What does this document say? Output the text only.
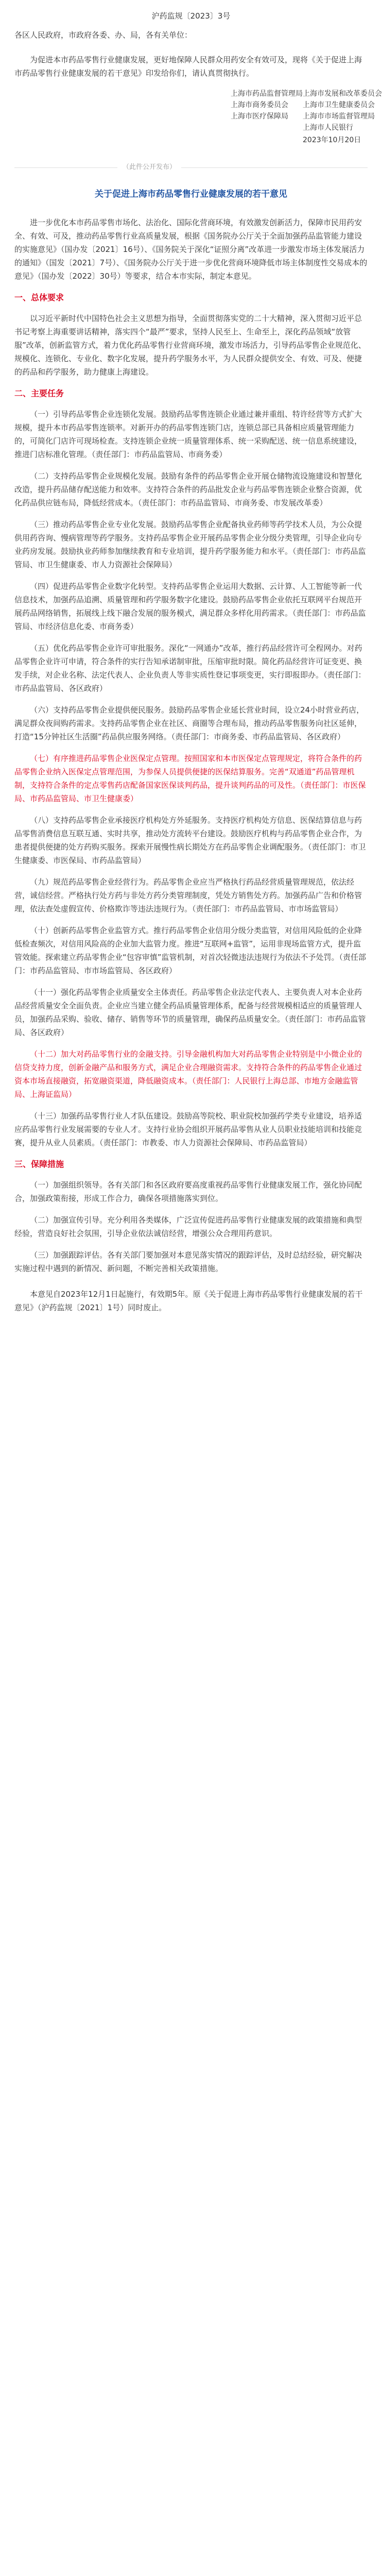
沪药监规〔2023〕3号
各区人民政府，市政府各委、办、局，各有关单位：

为促进本市药品零售行业健康发展，更好地保障人民群众用药安全有效可及，现将《关于促进上海市药品零售行业健康发展的若干意见》印发给你们，请认真贯彻执行。

上海市药品监督管理局 上海市发展和改革委员会
上海市商务委员会 上海市卫生健康委员会
上海市医疗保障局 上海市市场监督管理局
上海市人民银行
2023年10月20日
（此件公开发布）
关于促进上海市药品零售行业健康发展的若干意见

进一步优化本市药品零售市场化、法治化、国际化营商环境，有效激发创新活力，保障市民用药安全、有效、可及，推动药品零售行业高质量发展，根据《国务院办公厅关于全面加强药品监管能力建设的实施意见》（国办发〔2021〕16号）、《国务院关于深化“证照分离”改革进一步激发市场主体发展活力的通知》（国发〔2021〕7号）、《国务院办公厅关于进一步优化营商环境降低市场主体制度性交易成本的意见》（国办发〔2022〕30号）等要求，结合本市实际，制定本意见。

一、总体要求

以习近平新时代中国特色社会主义思想为指导，全面贯彻落实党的二十大精神，深入贯彻习近平总书记考察上海重要讲话精神，落实四个“最严”要求，坚持人民至上、生命至上，深化药品领域“放管服”改革，创新监管方式，着力优化药品零售行业营商环境，激发市场活力，引导药品零售企业规范化、规模化、连锁化、专业化、数字化发展，提升药学服务水平，为人民群众提供安全、有效、可及、便捷的药品和药学服务，助力健康上海建设。

二、主要任务

（一）引导药品零售企业连锁化发展。鼓励药品零售连锁企业通过兼并重组、特许经营等方式扩大规模，提升本市药品零售连锁率。对新开办的药品零售连锁门店，连锁总部已具备相应质量管理能力的，可简化门店许可现场检查。支持连锁企业统一质量管理体系、统一采购配送、统一信息系统建设，推进门店标准化管理。（责任部门：市药品监管局、市商务委）

（二）支持药品零售企业规模化发展。鼓励有条件的药品零售企业开展仓储物流设施建设和智慧化改造，提升药品储存配送能力和效率。支持符合条件的药品批发企业与药品零售连锁企业整合资源，优化药品供应链布局，降低经营成本。（责任部门：市药品监管局、市商务委、市发展改革委）

（三）推动药品零售企业专业化发展。鼓励药品零售企业配备执业药师等药学技术人员，为公众提供用药咨询、慢病管理等药学服务。支持药品零售企业开展药品零售企业分级分类管理，引导企业向专业药房发展。鼓励执业药师参加继续教育和专业培训，提升药学服务能力和水平。（责任部门：市药品监管局、市卫生健康委、市人力资源社会保障局）

（四）促进药品零售企业数字化转型。支持药品零售企业运用大数据、云计算、人工智能等新一代信息技术，加强药品追溯、质量管理和药学服务数字化建设。鼓励药品零售企业依托互联网平台规范开展药品网络销售，拓展线上线下融合发展的服务模式，满足群众多样化用药需求。（责任部门：市药品监管局、市经济信息化委、市商务委）

（五）优化药品零售企业许可审批服务。深化“一网通办”改革，推行药品经营许可全程网办。对药品零售企业许可申请，符合条件的实行告知承诺制审批，压缩审批时限。简化药品经营许可证变更、换发手续，对企业名称、法定代表人、企业负责人等非实质性登记事项变更，实行即报即办。（责任部门：市药品监管局、各区政府）

（六）支持药品零售企业提供便民服务。鼓励药品零售企业延长营业时间，设立24小时营业药店，满足群众夜间购药需求。支持药品零售企业在社区、商圈等合理布局，推动药品零售服务向社区延伸，打造“15分钟社区生活圈”药品供应服务网络。（责任部门：市商务委、市药品监管局、各区政府）

（七）有序推进药品零售企业医保定点管理。按照国家和本市医保定点管理规定，将符合条件的药品零售企业纳入医保定点管理范围，为参保人员提供便捷的医保结算服务。完善“双通道”药品管理机制，支持符合条件的定点零售药店配备国家医保谈判药品，提升谈判药品的可及性。（责任部门：市医保局、市药品监管局、市卫生健康委）

（八）支持药品零售企业承接医疗机构处方外延服务。支持医疗机构处方信息、医保结算信息与药品零售消费信息互联互通、实时共享，推动处方流转平台建设。鼓励医疗机构与药品零售企业合作，为患者提供便捷的处方药购买服务。探索开展慢性病长期处方在药品零售企业调配服务。（责任部门：市卫生健康委、市医保局、市药品监管局）

（九）规范药品零售企业经营行为。药品零售企业应当严格执行药品经营质量管理规范，依法经营，诚信经营。严格执行处方药与非处方药分类管理制度，凭处方销售处方药。加强药品广告和价格管理，依法查处虚假宣传、价格欺诈等违法违规行为。（责任部门：市药品监管局、市市场监管局）

（十）创新药品零售企业监管方式。推行药品零售企业信用分级分类监管，对信用风险低的企业降低检查频次，对信用风险高的企业加大监管力度。推进“互联网+监管”，运用非现场监管方式，提升监管效能。探索建立药品零售企业“包容审慎”监管机制，对首次轻微违法违规行为依法不予处罚。（责任部门：市药品监管局、市市场监管局、各区政府）

（十一）强化药品零售企业质量安全主体责任。药品零售企业法定代表人、主要负责人对本企业药品经营质量安全全面负责。企业应当建立健全药品质量管理体系，配备与经营规模相适应的质量管理人员，加强药品采购、验收、储存、销售等环节的质量管理，确保药品质量安全。（责任部门：市药品监管局、各区政府）

（十二）加大对药品零售行业的金融支持。引导金融机构加大对药品零售企业特别是中小微企业的信贷支持力度，创新金融产品和服务方式，满足企业合理融资需求。支持符合条件的药品零售企业通过资本市场直接融资，拓宽融资渠道，降低融资成本。（责任部门：人民银行上海总部、市地方金融监管局、上海证监局）

（十三）加强药品零售行业人才队伍建设。鼓励高等院校、职业院校加强药学类专业建设，培养适应药品零售行业发展需要的专业人才。支持行业协会组织开展药品零售从业人员职业技能培训和技能竞赛，提升从业人员素质。（责任部门：市教委、市人力资源社会保障局、市药品监管局）

三、保障措施

（一）加强组织领导。各有关部门和各区政府要高度重视药品零售行业健康发展工作，强化协同配合，加强政策衔接，形成工作合力，确保各项措施落实到位。

（二）加强宣传引导。充分利用各类媒体，广泛宣传促进药品零售行业健康发展的政策措施和典型经验，营造良好社会氛围，引导企业依法诚信经营，增强公众合理用药意识。

（三）加强跟踪评估。各有关部门要加强对本意见落实情况的跟踪评估，及时总结经验，研究解决实施过程中遇到的新情况、新问题，不断完善相关政策措施。

本意见自2023年12月1日起施行，有效期5年。原《关于促进上海市药品零售行业健康发展的若干意见》（沪药监规〔2021〕1号）同时废止。
